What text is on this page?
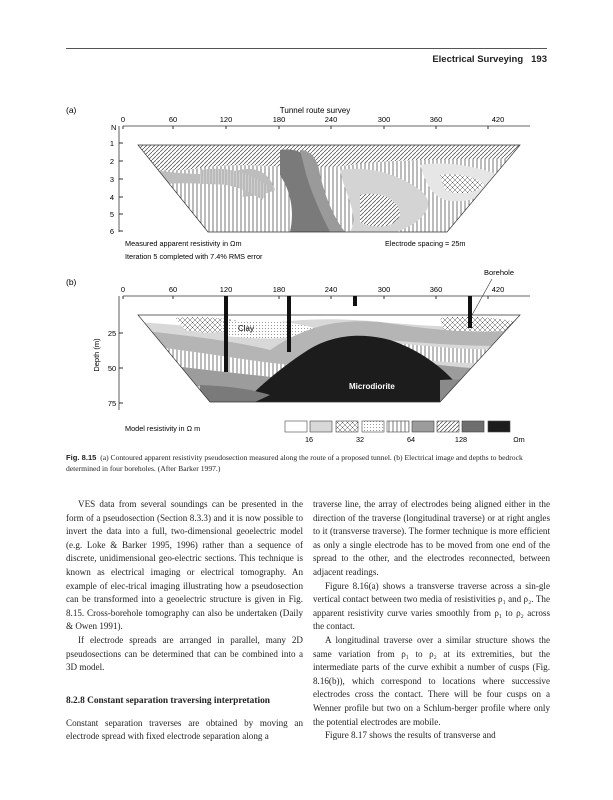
Electrical Surveying 193
(a)	Tunnel route survey
N
0	60	120	180	240	300	360	420
1
2
3
4
5
6
Measured apparent resistivity in Ωm
Iteration 5 completed with 7.4% RMS error
Electrode spacing = 25m
(b)
Borehole
0	60	120	180	240	300	360	420
Depth (m)
25
50
75
Clay
Microdiorite
Model resistivity in Ω m
16	32	64	128	Ωm
Fig. 8.15 (a) Contoured apparent resistivity pseudosection measured along the route of a proposed tunnel. (b) Electrical image and depths to bedrock determined in four boreholes. (After Barker 1997.)

VES data from several soundings can be presented in the form of a pseudosection (Section 8.3.3) and it is now possible to invert the data into a full, two-dimensional geoelectric model (e.g. Loke & Barker 1995, 1996) rather than a sequence of discrete, unidimensional geo-electric sections. This technique is known as electrical imaging or electrical tomography. An example of elec-trical imaging illustrating how a pseudosection can be transformed into a geoelectric structure is given in Fig. 8.15. Cross-borehole tomography can also be undertaken (Daily & Owen 1991).

If electrode spreads are arranged in parallel, many 2D pseudosections can be determined that can be combined into a 3D model.

8.2.8 Constant separation traversing interpretation

Constant separation traverses are obtained by moving an electrode spread with fixed electrode separation along a

traverse line, the array of electrodes being aligned either in the direction of the traverse (longitudinal traverse) or at right angles to it (transverse traverse). The former technique is more efficient as only a single electrode has to be moved from one end of the spread to the other, and the electrodes reconnected, between adjacent readings.

Figure 8.16(a) shows a transverse traverse across a sin-gle vertical contact between two media of resistivities ρ₁ and ρ₂. The apparent resistivity curve varies smoothly from ρ₁ to ρ₂ across the contact.

A longitudinal traverse over a similar structure shows the same variation from ρ₁ to ρ₂ at its extremities, but the intermediate parts of the curve exhibit a number of cusps (Fig. 8.16(b)), which correspond to locations where successive electrodes cross the contact. There will be four cusps on a Wenner profile but two on a Schlum-berger profile where only the potential electrodes are mobile.

Figure 8.17 shows the results of transverse and
